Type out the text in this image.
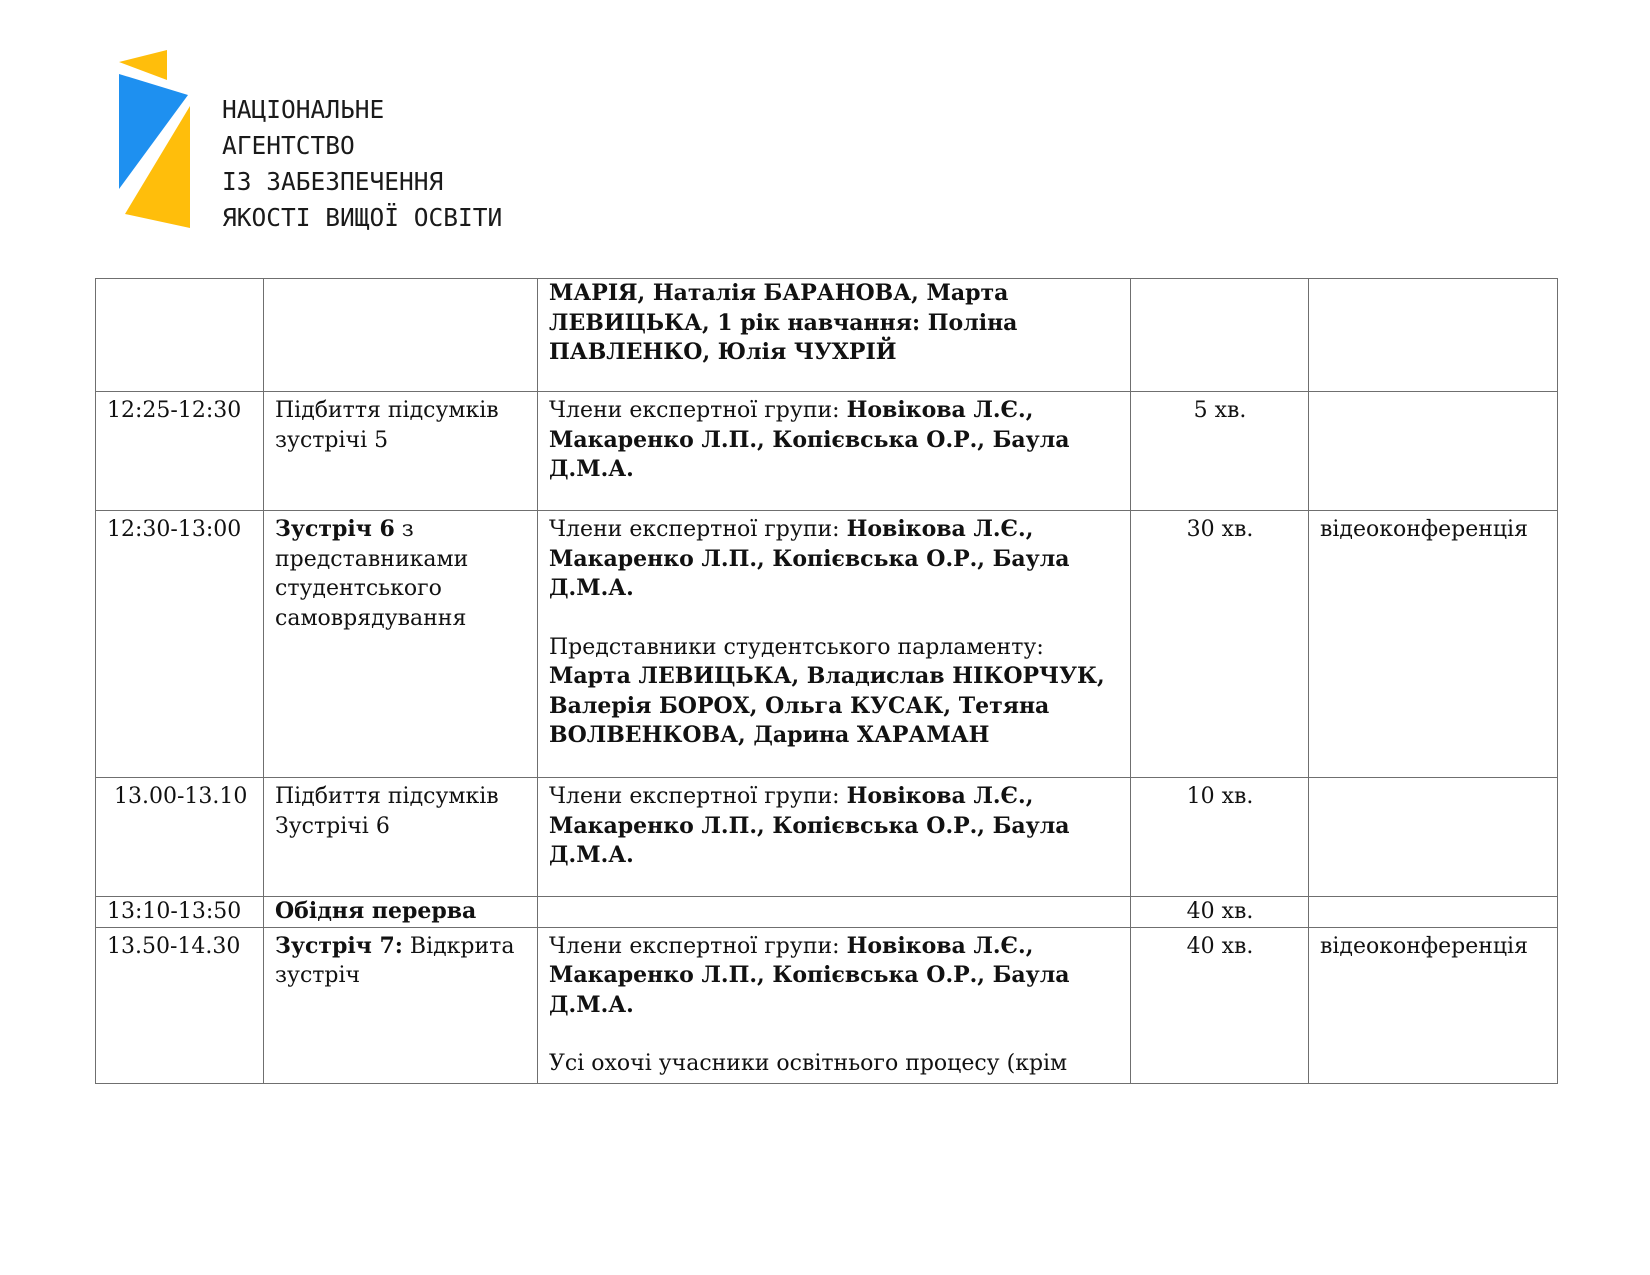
НАЦІОНАЛЬНЕ
АГЕНТСТВО
ІЗ ЗАБЕЗПЕЧЕННЯ
ЯКОСТІ ВИЩОЇ ОСВІТИ
		МАРІЯ, Наталія БАРАНОВА, Марта ЛЕВИЦЬКА, 1 рік навчання: Поліна ПАВЛЕНКО, Юлія ЧУХРІЙ		
12:25-12:30	Підбиття підсумків зустрічі 5	Члени експертної групи: Новікова Л.Є., Макаренко Л.П., Копієвська О.Р., Баула Д.М.А.	5 хв.	
12:30-13:00	Зустріч 6 з представниками студентського самоврядування	Члени експертної групи: Новікова Л.Є., Макаренко Л.П., Копієвська О.Р., Баула Д.М.А.
Представники студентського парламенту:
Марта ЛЕВИЦЬКА, Владислав НІКОРЧУК, Валерія БОРОХ, Ольга КУСАК, Тетяна ВОЛВЕНКОВА, Дарина ХАРАМАН	30 хв.	відеоконференція
13.00-13.10	Підбиття підсумків Зустрічі 6	Члени експертної групи: Новікова Л.Є., Макаренко Л.П., Копієвська О.Р., Баула Д.М.А.	10 хв.	
13:10-13:50	Обідня перерва		40 хв.	
13.50-14.30	Зустріч 7: Відкрита зустріч	Члени експертної групи: Новікова Л.Є., Макаренко Л.П., Копієвська О.Р., Баула Д.М.А.
Усі охочі учасники освітнього процесу (крім	40 хв.	відеоконференція
